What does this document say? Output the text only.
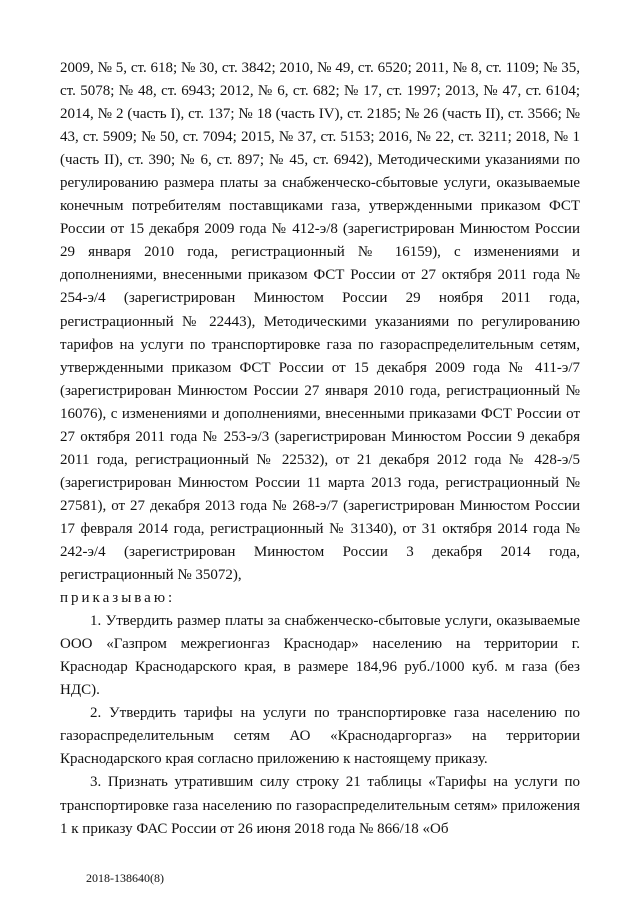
2009, № 5, ст. 618; № 30, ст. 3842; 2010, № 49, ст. 6520; 2011, № 8, ст. 1109; № 35, ст. 5078; № 48, ст. 6943; 2012, № 6, ст. 682; № 17, ст. 1997; 2013, № 47, ст. 6104; 2014, № 2 (часть I), ст. 137; № 18 (часть IV), ст. 2185; № 26 (часть II), ст. 3566; № 43, ст. 5909; № 50, ст. 7094; 2015, № 37, ст. 5153; 2016, № 22, ст. 3211; 2018, № 1 (часть II), ст. 390; № 6, ст. 897; № 45, ст. 6942), Методическими указаниями по регулированию размера платы за снабженческо-сбытовые услуги, оказываемые конечным потребителям поставщиками газа, утвержденными приказом ФСТ России от 15 декабря 2009 года № 412-э/8 (зарегистрирован Минюстом России 29 января 2010 года, регистрационный № 16159), с изменениями и дополнениями, внесенными приказом ФСТ России от 27 октября 2011 года № 254-э/4 (зарегистрирован Минюстом России 29 ноября 2011 года, регистрационный № 22443), Методическими указаниями по регулированию тарифов на услуги по транспортировке газа по газораспределительным сетям, утвержденными приказом ФСТ России от 15 декабря 2009 года № 411-э/7 (зарегистрирован Минюстом России 27 января 2010 года, регистрационный № 16076), с изменениями и дополнениями, внесенными приказами ФСТ России от 27 октября 2011 года № 253-э/3 (зарегистрирован Минюстом России 9 декабря 2011 года, регистрационный № 22532), от 21 декабря 2012 года № 428-э/5 (зарегистрирован Минюстом России 11 марта 2013 года, регистрационный № 27581), от 27 декабря 2013 года № 268-э/7 (зарегистрирован Минюстом России 17 февраля 2014 года, регистрационный № 31340), от 31 октября 2014 года № 242-э/4 (зарегистрирован Минюстом России 3 декабря 2014 года, регистрационный № 35072),

приказываю:

1. Утвердить размер платы за снабженческо-сбытовые услуги, оказываемые ООО «Газпром межрегионгаз Краснодар» населению на территории г. Краснодар Краснодарского края, в размере 184,96 руб./1000 куб. м газа (без НДС).

2. Утвердить тарифы на услуги по транспортировке газа населению по газораспределительным сетям АО «Краснодаргоргаз» на территории Краснодарского края согласно приложению к настоящему приказу.

3. Признать утратившим силу строку 21 таблицы «Тарифы на услуги по транспортировке газа населению по газораспределительным сетям» приложения 1 к приказу ФАС России от 26 июня 2018 года № 866/18 «Об

2018-138640(8)
